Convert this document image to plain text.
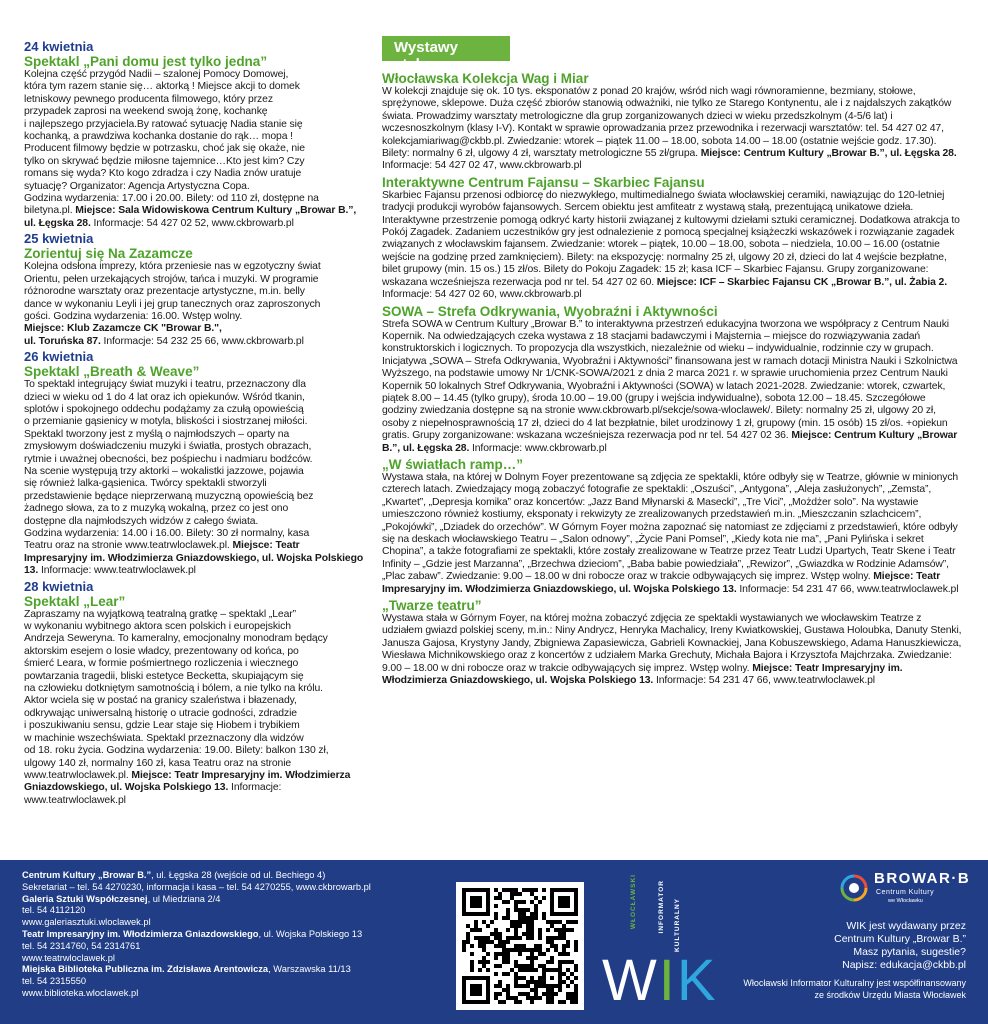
24 kwietnia
Spektakl „Pani domu jest tylko jedna”
Kolejna część przygód Nadii – szalonej Pomocy Domowej,
która tym razem stanie się… aktorką ! Miejsce akcji to domek
letniskowy pewnego producenta filmowego, który przez
przypadek zaprosi na weekend swoją żonę, kochankę
i najlepszego przyjaciela.By ratować sytuację Nadia stanie się
kochanką, a prawdziwa kochanka dostanie do rąk… mopa !
Producent filmowy będzie w potrzasku, choć jak się okaże, nie
tylko on skrywać będzie miłosne tajemnice…Kto jest kim? Czy
romans się wyda? Kto kogo zdradza i czy Nadia znów uratuje
sytuację? Organizator: Agencja Artystyczna Copa.
Godzina wydarzenia: 17.00 i 20.00. Bilety: od 110 zł, dostępne na
biletyna.pl. Miejsce: Sala Widowiskowa Centrum Kultury „Browar B.”,
ul. Łęgska 28. Informacje: 54 427 02 52, www.ckbrowarb.pl
25 kwietnia
Zorientuj się Na Zazamcze
Kolejna odsłona imprezy, która przeniesie nas w egzotyczny świat
Orientu, pełen urzekających strojów, tańca i muzyki. W programie
różnorodne warsztaty oraz prezentacje artystyczne, m.in. belly
dance w wykonaniu Leyli i jej grup tanecznych oraz zaproszonych
gości. Godzina wydarzenia: 16.00. Wstęp wolny.
Miejsce: Klub Zazamcze CK "Browar B.",
ul. Toruńska 87. Informacje: 54 232 25 66, www.ckbrowarb.pl
26 kwietnia
Spektakl „Breath & Weave”
To spektakl integrujący świat muzyki i teatru, przeznaczony dla
dzieci w wieku od 1 do 4 lat oraz ich opiekunów. Wśród tkanin,
splotów i spokojnego oddechu podążamy za czułą opowieścią
o przemianie gąsienicy w motyla, bliskości i siostrzanej miłości.
Spektakl tworzony jest z myślą o najmłodszych – oparty na
zmysłowym doświadczeniu muzyki i światła, prostych obrazach,
rytmie i uważnej obecności, bez pośpiechu i nadmiaru bodźców.
Na scenie występują trzy aktorki – wokalistki jazzowe, pojawia
się również lalka-gąsienica. Twórcy spektakli stworzyli
przedstawienie będące nieprzerwaną muzyczną opowieścią bez
żadnego słowa, za to z muzyką wokalną, przez co jest ono
dostępne dla najmłodszych widzów z całego świata.
Godzina wydarzenia: 14.00 i 16.00. Bilety: 30 zł normalny, kasa
Teatru oraz na stronie www.teatrwloclawek.pl. Miejsce: Teatr Impresaryjny im. Włodzimierza Gniazdowskiego, ul. Wojska Polskiego 13. Informacje: www.teatrwloclawek.pl
28 kwietnia
Spektakl „Lear”
Zapraszamy na wyjątkową teatralną gratkę – spektakl „Lear”
w wykonaniu wybitnego aktora scen polskich i europejskich
Andrzeja Seweryna. To kameralny, emocjonalny monodram będący
aktorskim esejem o losie władcy, prezentowany od końca, po
śmierć Leara, w formie pośmiertnego rozliczenia i wiecznego
powtarzania tragedii, bliski estetyce Becketta, skupiającym się
na człowieku dotkniętym samotnością i bólem, a nie tylko na królu.
Aktor wciela się w postać na granicy szaleństwa i błazenady,
odkrywając uniwersalną historię o utracie godności, zdradzie
i poszukiwaniu sensu, gdzie Lear staje się Hiobem i trybikiem
w machinie wszechświata. Spektakl przeznaczony dla widzów
od 18. roku życia. Godzina wydarzenia: 19.00. Bilety: balkon 130 zł,
ulgowy 140 zł, normalny 160 zł, kasa Teatru oraz na stronie
www.teatrwloclawek.pl. Miejsce: Teatr Impresaryjny im. Włodzimierza Gniazdowskiego, ul. Wojska Polskiego 13. Informacje: www.teatrwloclawek.pl
Wystawy stałe:
Włocławska Kolekcja Wag i Miar
W kolekcji znajduje się ok. 10 tys. eksponatów z ponad 20 krajów, wśród nich wagi równoramienne, bezmiany, stołowe, sprężynowe, sklepowe. Duża część zbiorów stanowią odważniki, nie tylko ze Starego Kontynentu, ale i z najdalszych zakątków świata. Prowadzimy warsztaty metrologiczne dla grup zorganizowanych dzieci w wieku przedszkolnym (4-5/6 lat) i wczesnoszkolnym (klasy I-V). Kontakt w sprawie oprowadzania przez przewodnika i rezerwacji warsztatów: tel. 54 427 02 47, kolekcjamiariwag@ckbb.pl. Zwiedzanie: wtorek – piątek 11.00 – 18.00, sobota 14.00 – 18.00 (ostatnie wejście godz. 17.30). Bilety: normalny 6 zł, ulgowy 4 zł, warsztaty metrologiczne 55 zł/grupa. Miejsce: Centrum Kultury „Browar B.”, ul. Łęgska 28. Informacje: 54 427 02 47, www.ckbrowarb.pl
Interaktywne Centrum Fajansu – Skarbiec Fajansu
Skarbiec Fajansu przenosi odbiorcę do niezwykłego, multimedialnego świata włocławskiej ceramiki, nawiązując do 120-letniej tradycji produkcji wyrobów fajansowych. Sercem obiektu jest amfiteatr z wystawą stałą, prezentującą unikatowe dzieła. Interaktywne przestrzenie pomogą odkryć karty historii związanej z kultowymi dziełami sztuki ceramicznej. Dodatkowa atrakcja to Pokój Zagadek. Zadaniem uczestników gry jest odnalezienie z pomocą specjalnej książeczki wskazówek i rozwiązanie zagadek związanych z włocławskim fajansem. Zwiedzanie: wtorek – piątek, 10.00 – 18.00, sobota – niedziela, 10.00 – 16.00 (ostatnie wejście na godzinę przed zamknięciem). Bilety: na ekspozycję: normalny 25 zł, ulgowy 20 zł, dzieci do lat 4 wejście bezpłatne, bilet grupowy (min. 15 os.) 15 zł/os. Bilety do Pokoju Zagadek: 15 zł; kasa ICF – Skarbiec Fajansu. Grupy zorganizowane: wskazana wcześniejsza rezerwacja pod nr tel. 54 427 02 60. Miejsce: ICF – Skarbiec Fajansu CK „Browar B.”, ul. Żabia 2. Informacje: 54 427 02 60, www.ckbrowarb.pl
SOWA – Strefa Odkrywania, Wyobraźni i Aktywności
Strefa SOWA w Centrum Kultury „Browar B.” to interaktywna przestrzeń edukacyjna tworzona we współpracy z Centrum Nauki Kopernik. Na odwiedzających czeka wystawa z 18 stacjami badawczymi i Majsternia – miejsce do rozwiązywania zadań konstruktorskich i logicznych. To propozycja dla wszystkich, niezależnie od wieku – indywidualnie, rodzinnie czy w grupach. Inicjatywa „SOWA – Strefa Odkrywania, Wyobraźni i Aktywności” finansowana jest w ramach dotacji Ministra Nauki i Szkolnictwa Wyższego, na podstawie umowy Nr 1/CNK-SOWA/2021 z dnia 2 marca 2021 r. w sprawie uruchomienia przez Centrum Nauki Kopernik 50 lokalnych Stref Odkrywania, Wyobraźni i Aktywności (SOWA) w latach 2021-2028. Zwiedzanie: wtorek, czwartek, piątek 8.00 – 14.45 (tylko grupy), środa 10.00 – 19.00 (grupy i wejścia indywidualne), sobota 12.00 – 18.45. Szczegółowe godziny zwiedzania dostępne są na stronie www.ckbrowarb.pl/sekcje/sowa-wloclawek/. Bilety: normalny 25 zł, ulgowy 20 zł, osoby z niepełnosprawnością 17 zł, dzieci do 4 lat bezpłatnie, bilet urodzinowy 1 zł, grupowy (min. 15 osób) 15 zł/os. +opiekun gratis. Grupy zorganizowane: wskazana wcześniejsza rezerwacja pod nr tel. 54 427 02 36. Miejsce: Centrum Kultury „Browar B.”, ul. Łęgska 28. Informacje: www.ckbrowarb.pl
„W światłach ramp…”
Wystawa stała, na której w Dolnym Foyer prezentowane są zdjęcia ze spektakli, które odbyły się w Teatrze, głównie w minionych czterech latach. Zwiedzający mogą zobaczyć fotografie ze spektakli: „Oszuści”, „Antygona”, „Aleja zasłużonych”, „Zemsta”, „Kwartet”, „Depresja komika” oraz koncertów: „Jazz Band Młynarski & Masecki”, „Tre Vici”, „Możdżer solo”. Na wystawie umieszczono również kostiumy, eksponaty i rekwizyty ze zrealizowanych przedstawień m.in. „Mieszczanin szlachcicem”, „Pokojówki”, „Dziadek do orzechów”. W Górnym Foyer można zapoznać się natomiast ze zdjęciami z przedstawień, które odbyły się na deskach włocławskiego Teatru – „Salon odnowy”, „Życie Pani Pomsel”, „Kiedy kota nie ma”, „Pani Pylińska i sekret Chopina”, a także fotografiami ze spektakli, które zostały zrealizowane w Teatrze przez Teatr Ludzi Upartych, Teatr Skene i Teatr Infinity – „Gdzie jest Marzanna”, „Brzechwa dzieciom”, „Baba babie powiedziała”, „Rewizor”, „Gwiazdka w Rodzinie Adamsów”, „Plac zabaw”. Zwiedzanie: 9.00 – 18.00 w dni robocze oraz w trakcie odbywających się imprez. Wstęp wolny. Miejsce: Teatr Impresaryjny im. Włodzimierza Gniazdowskiego, ul. Wojska Polskiego 13. Informacje: 54 231 47 66, www.teatrwloclawek.pl
„Twarze teatru”
Wystawa stała w Górnym Foyer, na której można zobaczyć zdjęcia ze spektakli wystawianych we włocławskim Teatrze z udziałem gwiazd polskiej sceny, m.in.: Niny Andrycz, Henryka Machalicy, Ireny Kwiatkowskiej, Gustawa Holoubka, Danuty Stenki, Janusza Gajosa, Krystyny Jandy, Zbigniewa Zapasiewicza, Gabrieli Kownackiej, Jana Kobuszewskiego, Adama Hanuszkiewicza, Wiesława Michnikowskiego oraz z koncertów z udziałem Marka Grechuty, Michała Bajora i Krzysztofa Majchrzaka. Zwiedzanie: 9.00 – 18.00 w dni robocze oraz w trakcie odbywających się imprez. Wstęp wolny. Miejsce: Teatr Impresaryjny im. Włodzimierza Gniazdowskiego, ul. Wojska Polskiego 13. Informacje: 54 231 47 66, www.teatrwloclawek.pl
Centrum Kultury „Browar B.”, ul. Łęgska 28 (wejście od ul. Bechiego 4)
Sekretariat – tel. 54 4270230, informacja i kasa – tel. 54 4270255, www.ckbrowarb.pl
Galeria Sztuki Współczesnej, ul Miedziana 2/4
tel. 54 4112120
www.galeriasztuki.wloclawek.pl
Teatr Impresaryjny im. Włodzimierza Gniazdowskiego, ul. Wojska Polskiego 13
tel. 54 2314760, 54 2314761
www.teatrwloclawek.pl
Miejska Biblioteka Publiczna im. Zdzisława Arentowicza, Warszawska 11/13
tel. 54 2315550
www.biblioteka.wloclawek.pl
WŁOCŁAWSKI	INFORMATOR KULTURALNY
WIK
BROWAR·B
Centrum Kultury
we Włocławku
WIK jest wydawany przez
Centrum Kultury „Browar B.”
Masz pytania, sugestie?
Napisz: edukacja@ckbb.pl
Włocławski Informator Kulturalny jest współfinansowany
ze środków Urzędu Miasta Włocławek
